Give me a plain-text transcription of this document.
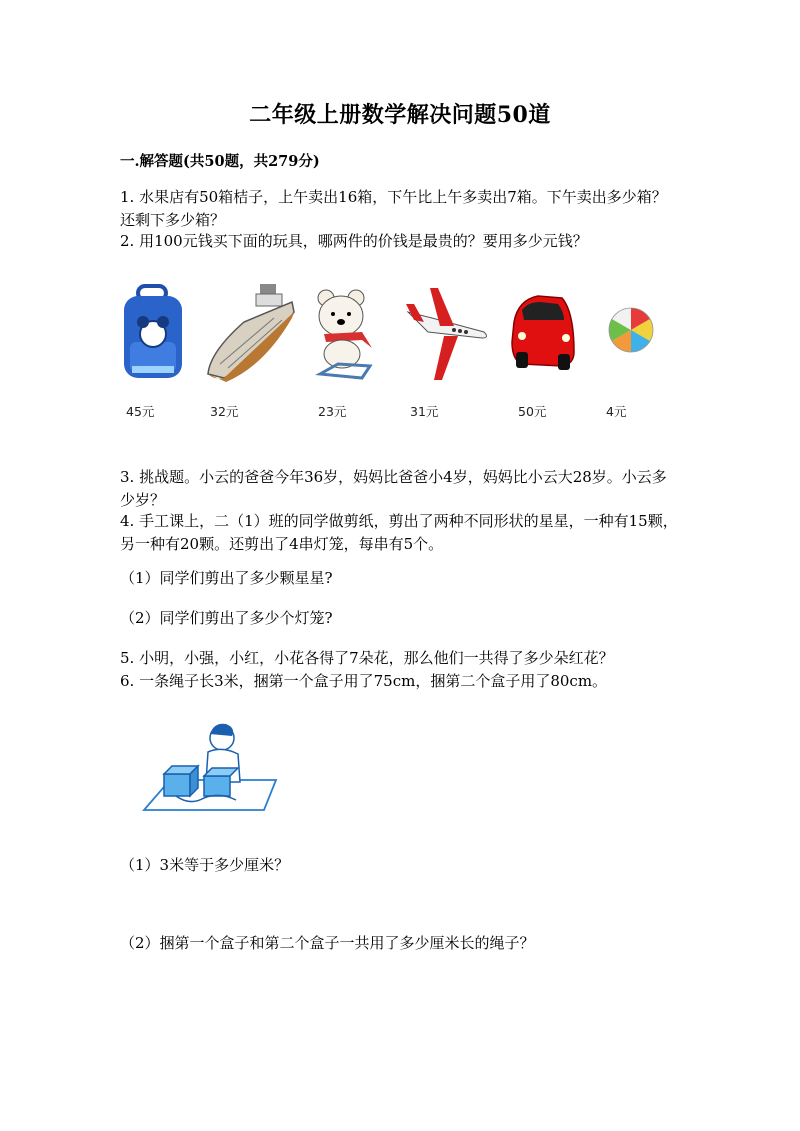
二年级上册数学解决问题50道
一.解答题(共50题，共279分)

1. 水果店有50箱桔子，上午卖出16箱，下午比上午多卖出7箱。下午卖出多少箱？还剩下多少箱？

2. 用100元钱买下面的玩具，哪两件的价钱是最贵的？要用多少元钱？

45元	32元	23元	31元	50元	4元

3. 挑战题。小云的爸爸今年36岁，妈妈比爸爸小4岁，妈妈比小云大28岁。小云多少岁？

4. 手工课上，二（1）班的同学做剪纸，剪出了两种不同形状的星星，一种有15颗，另一种有20颗。还剪出了4串灯笼，每串有5个。

（1）同学们剪出了多少颗星星?

（2）同学们剪出了多少个灯笼?

5. 小明，小强，小红，小花各得了7朵花，那么他们一共得了多少朵红花？

6. 一条绳子长3米，捆第一个盒子用了75cm，捆第二个盒子用了80cm。

（1）3米等于多少厘米？

（2）捆第一个盒子和第二个盒子一共用了多少厘米长的绳子？
